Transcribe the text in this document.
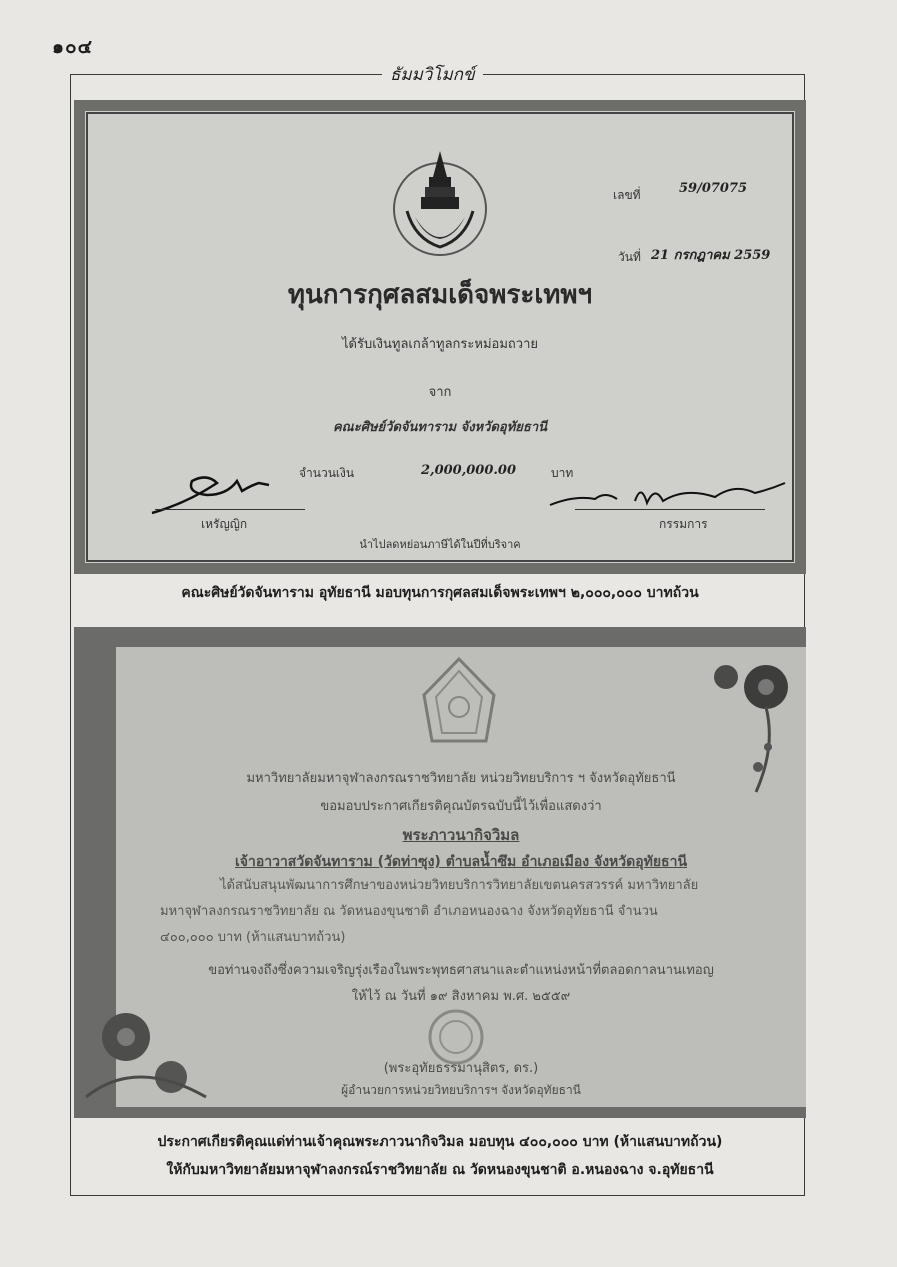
๑๐๔
ธัมมวิโมกข์
เลขที่	59/07075
วันที่ 21 กรกฎาคม 2559
ทุนการกุศลสมเด็จพระเทพฯ
ได้รับเงินทูลเกล้าทูลกระหม่อมถวาย
จาก
คณะศิษย์วัดจันทาราม จังหวัดอุทัยธานี
จำนวนเงิน	2,000,000.00	บาท
เหรัญญิก	กรรมการ
นำไปลดหย่อนภาษีได้ในปีที่บริจาค
คณะศิษย์วัดจันทาราม อุทัยธานี มอบทุนการกุศลสมเด็จพระเทพฯ ๒,๐๐๐,๐๐๐ บาทถ้วน
มหาวิทยาลัยมหาจุฬาลงกรณราชวิทยาลัย หน่วยวิทยบริการ ฯ จังหวัดอุทัยธานี
ขอมอบประกาศเกียรติคุณบัตรฉบับนี้ไว้เพื่อแสดงว่า
พระภาวนากิจวิมล
เจ้าอาวาสวัดจันทาราม (วัดท่าซุง) ตำบลน้ำซึม อำเภอเมือง จังหวัดอุทัยธานี
ได้สนับสนุนพัฒนาการศึกษาของหน่วยวิทยบริการวิทยาลัยเขตนครสวรรค์ มหาวิทยาลัย
มหาจุฬาลงกรณราชวิทยาลัย ณ วัดหนองขุนชาติ อำเภอหนองฉาง จังหวัดอุทัยธานี จำนวน
๔๐๐,๐๐๐ บาท (ห้าแสนบาทถ้วน)
ขอท่านจงถึงซึ่งความเจริญรุ่งเรืองในพระพุทธศาสนาและตำแหน่งหน้าที่ตลอดกาลนานเทอญ
ให้ไว้ ณ วันที่ ๑๙ สิงหาคม พ.ศ. ๒๕๕๙
(พระอุทัยธรรมานุสิตร, ดร.)
ผู้อำนวยการหน่วยวิทยบริการฯ จังหวัดอุทัยธานี
ประกาศเกียรติคุณแด่ท่านเจ้าคุณพระภาวนากิจวิมล มอบทุน ๔๐๐,๐๐๐ บาท (ห้าแสนบาทถ้วน)
ให้กับมหาวิทยาลัยมหาจุฬาลงกรณ์ราชวิทยาลัย ณ วัดหนองขุนชาติ อ.หนองฉาง จ.อุทัยธานี
